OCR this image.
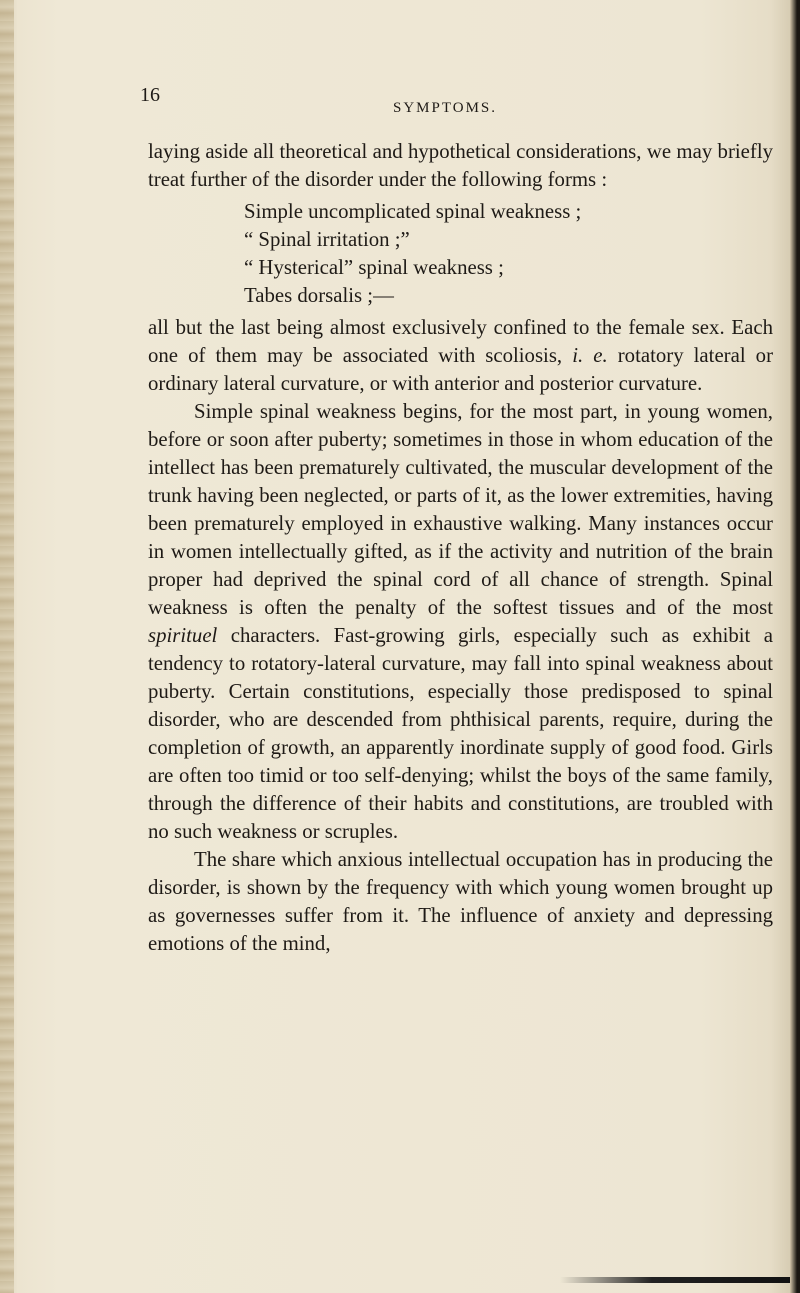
16
SYMPTOMS.

laying aside all theoretical and hypothetical considerations, we may briefly treat further of the disorder under the following forms :

Simple uncomplicated spinal weakness ;
“ Spinal irritation ;”
“ Hysterical” spinal weakness ;
Tabes dorsalis ;—

all but the last being almost exclusively confined to the female sex. Each one of them may be associated with scoliosis, i. e. rotatory lateral or ordinary lateral curvature, or with anterior and posterior curvature.

Simple spinal weakness begins, for the most part, in young women, before or soon after puberty; sometimes in those in whom education of the intellect has been prematurely cultivated, the muscular development of the trunk having been neglected, or parts of it, as the lower extremities, having been prematurely employed in exhaustive walking. Many instances occur in women intellectually gifted, as if the activity and nutrition of the brain proper had deprived the spinal cord of all chance of strength. Spinal weakness is often the penalty of the softest tissues and of the most spirituel characters. Fast-growing girls, especially such as exhibit a tendency to rotatory-lateral curvature, may fall into spinal weakness about puberty. Certain constitutions, especially those predisposed to spinal disorder, who are descended from phthisical parents, require, during the completion of growth, an apparently inordinate supply of good food. Girls are often too timid or too self-denying; whilst the boys of the same family, through the difference of their habits and constitutions, are troubled with no such weakness or scruples.

The share which anxious intellectual occupation has in producing the disorder, is shown by the frequency with which young women brought up as governesses suffer from it. The influence of anxiety and depressing emotions of the mind,
